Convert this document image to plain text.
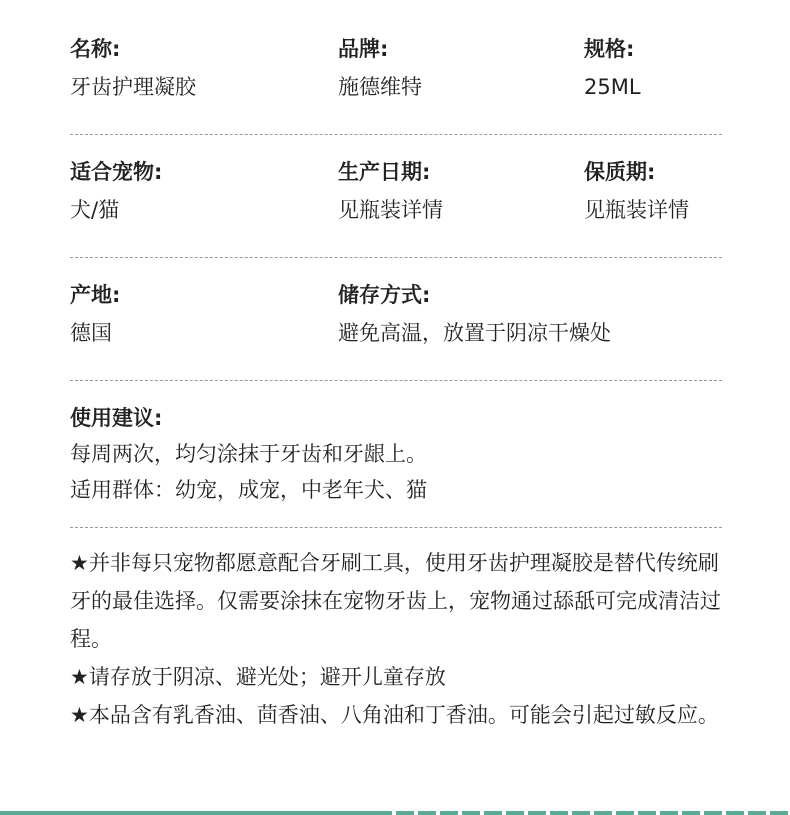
名称:
牙齿护理凝胶
品牌:
施德维特
规格:
25ML
适合宠物:
犬/猫
生产日期:
见瓶装详情
保质期:
见瓶装详情
产地:
德国
储存方式:
避免高温，放置于阴凉干燥处
使用建议:
每周两次，均匀涂抹于牙齿和牙龈上。
适用群体：幼宠，成宠，中老年犬、猫

★并非每只宠物都愿意配合牙刷工具，使用牙齿护理凝胶是替代传统刷牙的最佳选择。仅需要涂抹在宠物牙齿上，宠物通过舔舐可完成清洁过程。

★请存放于阴凉、避光处；避开儿童存放

★本品含有乳香油、茴香油、八角油和丁香油。可能会引起过敏反应。
